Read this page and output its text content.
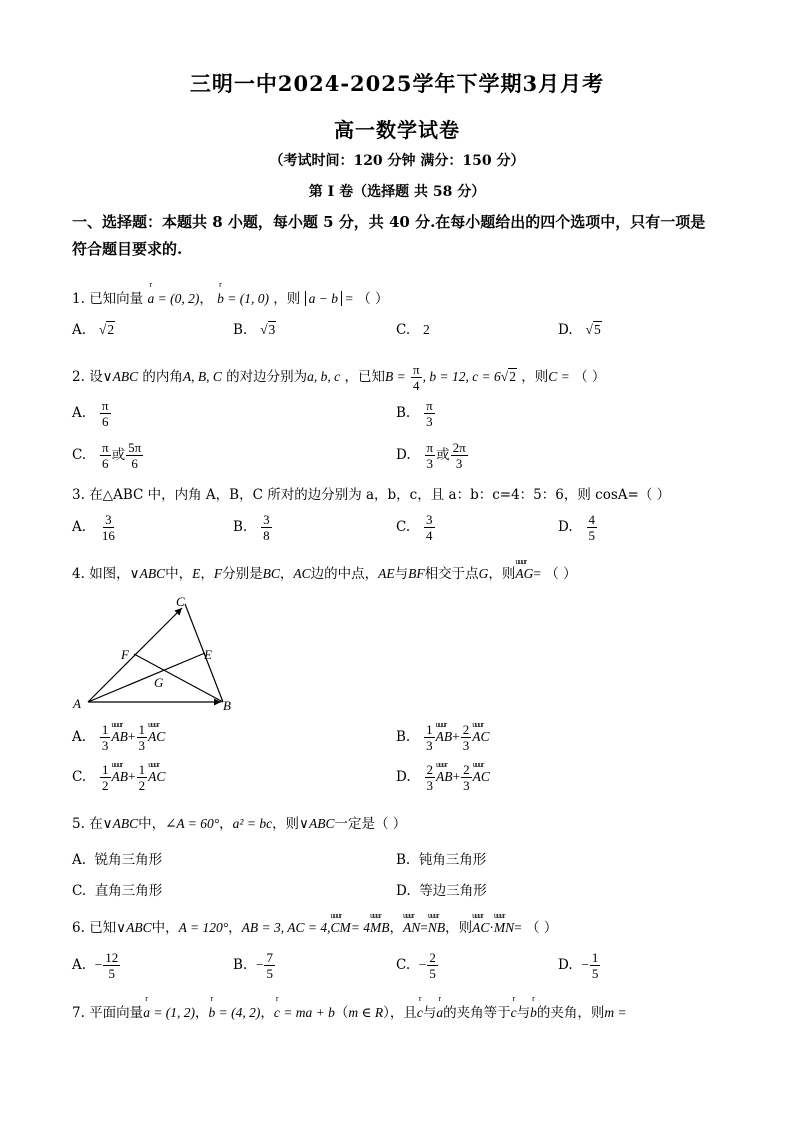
三明一中2024-2025学年下学期3月月考
高一数学试卷
（考试时间：120 分钟 满分：150 分）
第 I 卷（选择题 共 58 分）
一、选择题：本题共 8 小题，每小题 5 分，共 40 分.在每小题给出的四个选项中，只有一项是
符合题目要求的.
1. 已知向量 r a = (0, 2)， r b = (1, 0) ，则 a − b = （ ）
A. √2	B. √3	C. 2	D. √5
2. 设∨ABC 的内角A, B, C 的对边分别为a, b, c ，已知$B = \frac{\pi}{4}$ , b = 12, c = 6√2 ，则C = （ ）
A. $\frac{\pi}{6}$	B. $\frac{\pi}{3}$
C. $\frac{\pi}{6}$ 或 $\frac{5\pi}{6}$	D. $\frac{\pi}{3}$ 或 $\frac{2\pi}{3}$
3. 在△ABC 中，内角 A，B，C 所对的边分别为 a，b，c，且 a：b：c=4：5：6，则 cosA=（ ）
A. $\frac{3}{16}$	B. $\frac{3}{8}$	C. $\frac{3}{4}$	D. $\frac{4}{5}$
4. 如图，∨ABC中，E，F分别是BC，AC边的中点，AE与BF相交于点G，则uuur AG= （ ）
C
F	E
G
A	B
A. $\frac{1}{3}$ uuur $AB+ \frac{1}{3}$ uuur AC	B. $\frac{1}{3}$ uuur $AB+ \frac{2}{3}$ uuur AC
C. $\frac{1}{2}$ uuur $AB+ \frac{1}{2}$ uuur AC	D. $\frac{2}{3}$ uuur $AB+ \frac{2}{3}$ uuur AC
5. 在∨ABC中，∠A = 60°，a² = bc，则∨ABC一定是（ ）
A. 锐角三角形	B. 钝角三角形
C. 直角三角形	D. 等边三角形
6. 已知∨ABC中，A = 120°，AB = 3, AC = 4,uuur CM= 4uuur MB，uuur AN=uuur NB，则uuur AC·uuur MN= （ ）
A. − $\frac{12}{5}$	B. − $\frac{7}{5}$	C. − $\frac{2}{5}$	D. − $\frac{1}{5}$
7. 平面向量r a = (1, 2)，r b = (4, 2)，r c = ma + b（m ∈ R），且r c与r a的夹角等于r c与r b的夹角，则m =
